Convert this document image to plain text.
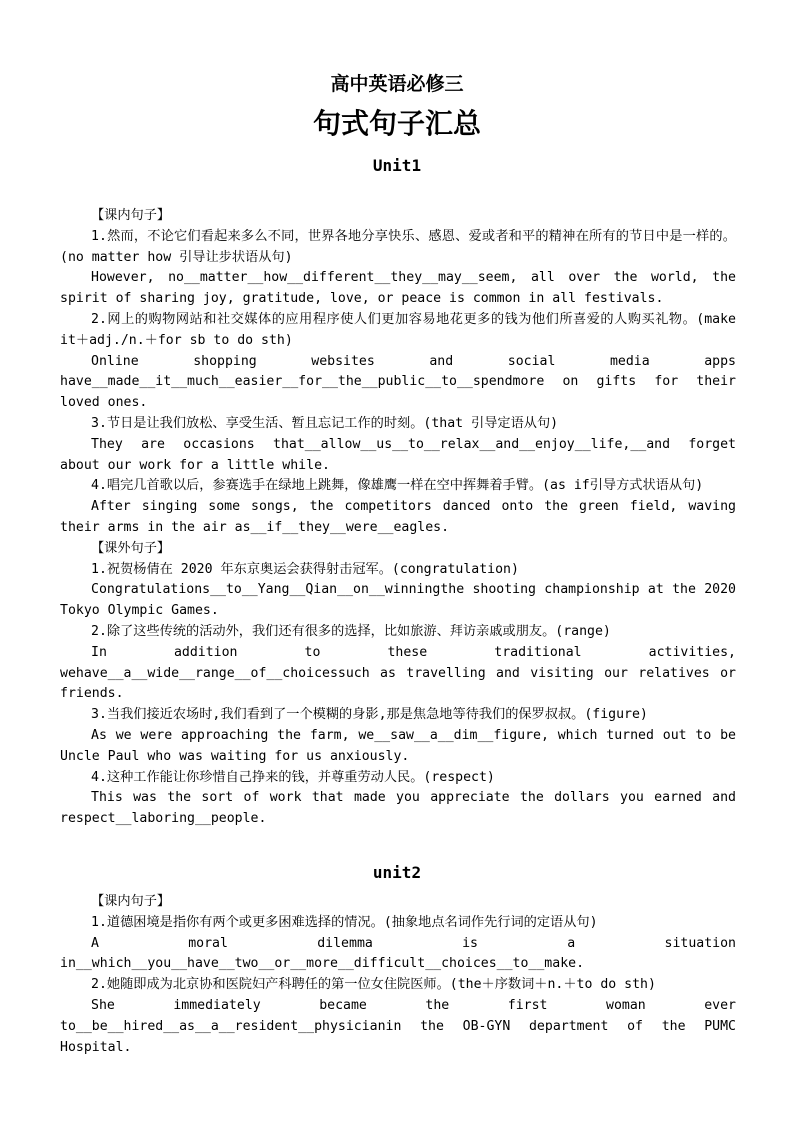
高中英语必修三
句式句子汇总
Unit1

【课内句子】

1.然而，不论它们看起来多么不同，世界各地分享快乐、感恩、爱或者和平的精神在所有的节日中是一样的。(no matter how 引导让步状语从句)

However, no__matter__how__different__they__may__seem, all over the world, the spirit of sharing joy, gratitude, love, or peace is common in all festivals.

2.网上的购物网站和社交媒体的应用程序使人们更加容易地花更多的钱为他们所喜爱的人购买礼物。(make it＋adj./n.＋for sb to do sth)

Online shopping websites and social media apps have__made__it__much__easier__for__the__public__to__spendmore on gifts for their loved ones.

3.节日是让我们放松、享受生活、暂且忘记工作的时刻。(that 引导定语从句)

They are occasions that__allow__us__to__relax__and__enjoy__life,__and forget about our work for a little while.

4.唱完几首歌以后，参赛选手在绿地上跳舞，像雄鹰一样在空中挥舞着手臂。(as if引导方式状语从句)

After singing some songs, the competitors danced onto the green field, waving their arms in the air as__if__they__were__eagles.

【课外句子】

1.祝贺杨倩在 2020 年东京奥运会获得射击冠军。(congratulation)

Congratulations__to__Yang__Qian__on__winningthe shooting championship at the 2020 Tokyo Olympic Games.

2.除了这些传统的活动外，我们还有很多的选择，比如旅游、拜访亲戚或朋友。(range)

In addition to these traditional activities, wehave__a__wide__range__of__choicessuch as travelling and visiting our relatives or friends.

3.当我们接近农场时,我们看到了一个模糊的身影,那是焦急地等待我们的保罗叔叔。(figure)

As we were approaching the farm, we__saw__a__dim__figure, which turned out to be Uncle Paul who was waiting for us anxiously.

4.这种工作能让你珍惜自己挣来的钱，并尊重劳动人民。(respect)

This was the sort of work that made you appreciate the dollars you earned and respect__laboring__people.

unit2

【课内句子】

1.道德困境是指你有两个或更多困难选择的情况。(抽象地点名词作先行词的定语从句)

A moral dilemma is a situation in__which__you__have__two__or__more__difficult__choices__to__make.

2.她随即成为北京协和医院妇产科聘任的第一位女住院医师。(the＋序数词＋n.＋to do sth)

She immediately became the first woman ever to__be__hired__as__a__resident__physicianin the OB-GYN department of the PUMC Hospital.
